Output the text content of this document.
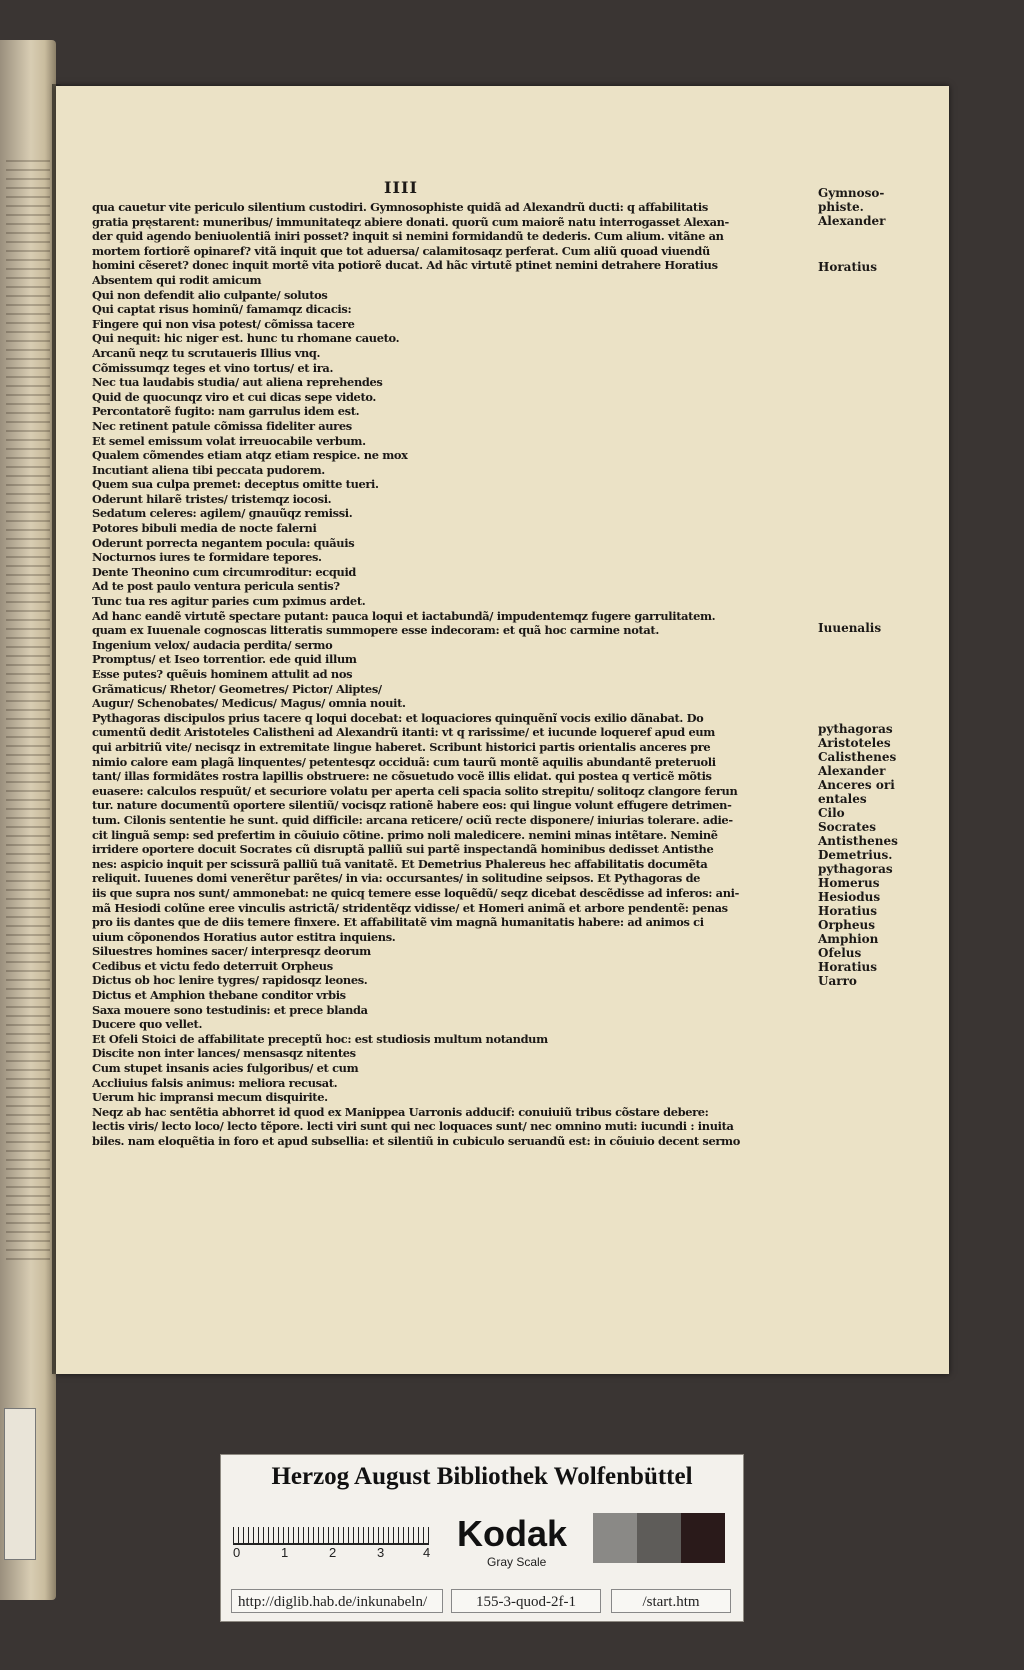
IIII
qua cauetur vite periculo silentium custodiri. Gymnosophiste quidã ad Alexandrũ ducti: q affabilitatis
gratia pręstarent: muneribus/ immunitateqz abiere donati. quorũ cum maiorẽ natu interrogasset Alexan-
der quid agendo beniuolentiã iniri posset? inquit si nemini formidandũ te dederis. Cum alium. vitãne an
mortem fortiorẽ opinaref? vitã inquit que tot aduersa/ calamitosaqz perferat. Cum aliũ quoad viuendũ
homini cẽseret? donec inquit mortẽ vita potiorẽ ducat. Ad hãc virtutẽ ptinet nemini detrahere Horatius
Absentem qui rodit amicum
Qui non defendit alio culpante/ solutos
Qui captat risus hominũ/ famamqz dicacis:
Fingere qui non visa potest/ cõmissa tacere
Qui nequit: hic niger est. hunc tu rhomane caueto.
Arcanũ neqz tu scrutaueris Illius vnq.
Cõmissumqz teges et vino tortus/ et ira.
Nec tua laudabis studia/ aut aliena reprehendes
Quid de quocunqz viro et cui dicas sepe videto.
Percontatorẽ fugito: nam garrulus idem est.
Nec retinent patule cõmissa fideliter aures
Et semel emissum volat irreuocabile verbum.
Qualem cõmendes etiam atqz etiam respice. ne mox
Incutiant aliena tibi peccata pudorem.
Quem sua culpa premet: deceptus omitte tueri.
Oderunt hilarẽ tristes/ tristemqz iocosi.
Sedatum celeres: agilem/ gnauũqz remissi.
Potores bibuli media de nocte falerni
Oderunt porrecta negantem pocula: quãuis
Nocturnos iures te formidare tepores.
Dente Theonino cum circumroditur: ecquid
Ad te post paulo ventura pericula sentis?
Tunc tua res agitur paries cum pximus ardet.
Ad hanc eandẽ virtutẽ spectare putant: pauca loqui et iactabundã/ impudentemqz fugere garrulitatem.
quam ex Iuuenale cognoscas litteratis summopere esse indecoram: et quã hoc carmine notat.
Ingenium velox/ audacia perdita/ sermo
Promptus/ et Iseo torrentior. ede quid illum
Esse putes? quẽuis hominem attulit ad nos
Grãmaticus/ Rhetor/ Geometres/ Pictor/ Aliptes/
Augur/ Schenobates/ Medicus/ Magus/ omnia nouit.
Pythagoras discipulos prius tacere q loqui docebat: et loquaciores quinquẽnĩ vocis exilio dãnabat. Do
cumentũ dedit Aristoteles Calistheni ad Alexandrũ itanti: vt q rarissime/ et iucunde loqueref apud eum
qui arbitriũ vite/ necisqz in extremitate lingue haberet. Scribunt historici partis orientalis anceres pre
nimio calore eam plagã linquentes/ petentesqz occiduã: cum taurũ montẽ aquilis abundantẽ preteruoli
tant/ illas formidãtes rostra lapillis obstruere: ne cõsuetudo vocẽ illis elidat. qui postea q verticẽ mõtis
euasere: calculos respuũt/ et securiore volatu per aperta celi spacia solito strepitu/ solitoqz clangore ferun
tur. nature documentũ oportere silentiũ/ vocisqz rationẽ habere eos: qui lingue volunt effugere detrimen-
tum. Cilonis sententie he sunt. quid difficile: arcana reticere/ ociũ recte disponere/ iniurias tolerare. adie-
cit linguã semp: sed prefertim in cõuiuio cõtine. primo noli maledicere. nemini minas intẽtare. Neminẽ
irridere oportere docuit Socrates cũ disruptã palliũ sui partẽ inspectandã hominibus dedisset Antisthe
nes: aspicio inquit per scissurã palliũ tuã vanitatẽ. Et Demetrius Phalereus hec affabilitatis documẽta
reliquit. Iuuenes domi venerẽtur parẽtes/ in via: occursantes/ in solitudine seipsos. Et Pythagoras de
iis que supra nos sunt/ ammonebat: ne quicq temere esse loquẽdũ/ seqz dicebat descẽdisse ad inferos: ani-
mã Hesiodi colũne eree vinculis astrictã/ stridentẽqz vidisse/ et Homeri animã et arbore pendentẽ: penas
pro iis dantes que de diis temere finxere. Et affabilitatẽ vim magnã humanitatis habere: ad animos ci
uium cõponendos Horatius autor estitra inquiens.
Siluestres homines sacer/ interpresqz deorum
Cedibus et victu fedo deterruit Orpheus
Dictus ob hoc lenire tygres/ rapidosqz leones.
Dictus et Amphion thebane conditor vrbis
Saxa mouere sono testudinis: et prece blanda
Ducere quo vellet.
Et Ofeli Stoici de affabilitate preceptũ hoc: est studiosis multum notandum
Discite non inter lances/ mensasqz nitentes
Cum stupet insanis acies fulgoribus/ et cum
Accliuius falsis animus: meliora recusat.
Uerum hic impransi mecum disquirite.
Neqz ab hac sentẽtia abhorret id quod ex Manippea Uarronis adducif: conuiuiũ tribus cõstare debere:
lectis viris/ lecto loco/ lecto tẽpore. lecti viri sunt qui nec loquaces sunt/ nec omnino muti: iucundi : inuita
biles. nam eloquẽtia in foro et apud subsellia: et silentiũ in cubiculo seruandũ est: in cõuiuio decent sermo
Gymnoso-
phiste.
Alexander
Horatius
Iuuenalis
pythagoras
Aristoteles
Calisthenes
Alexander
Anceres ori
entales
Cilo
Socrates
Antisthenes
Demetrius.
pythagoras
Homerus
Hesiodus
Horatius
Orpheus
Amphion
Ofelus
Horatius
Uarro
Herzog August Bibliothek Wolfenbüttel
0	1	2	3	4 Kodak
Gray Scale
http://diglib.hab.de/inkunabeln/	155-3-quod-2f-1	/start.htm
